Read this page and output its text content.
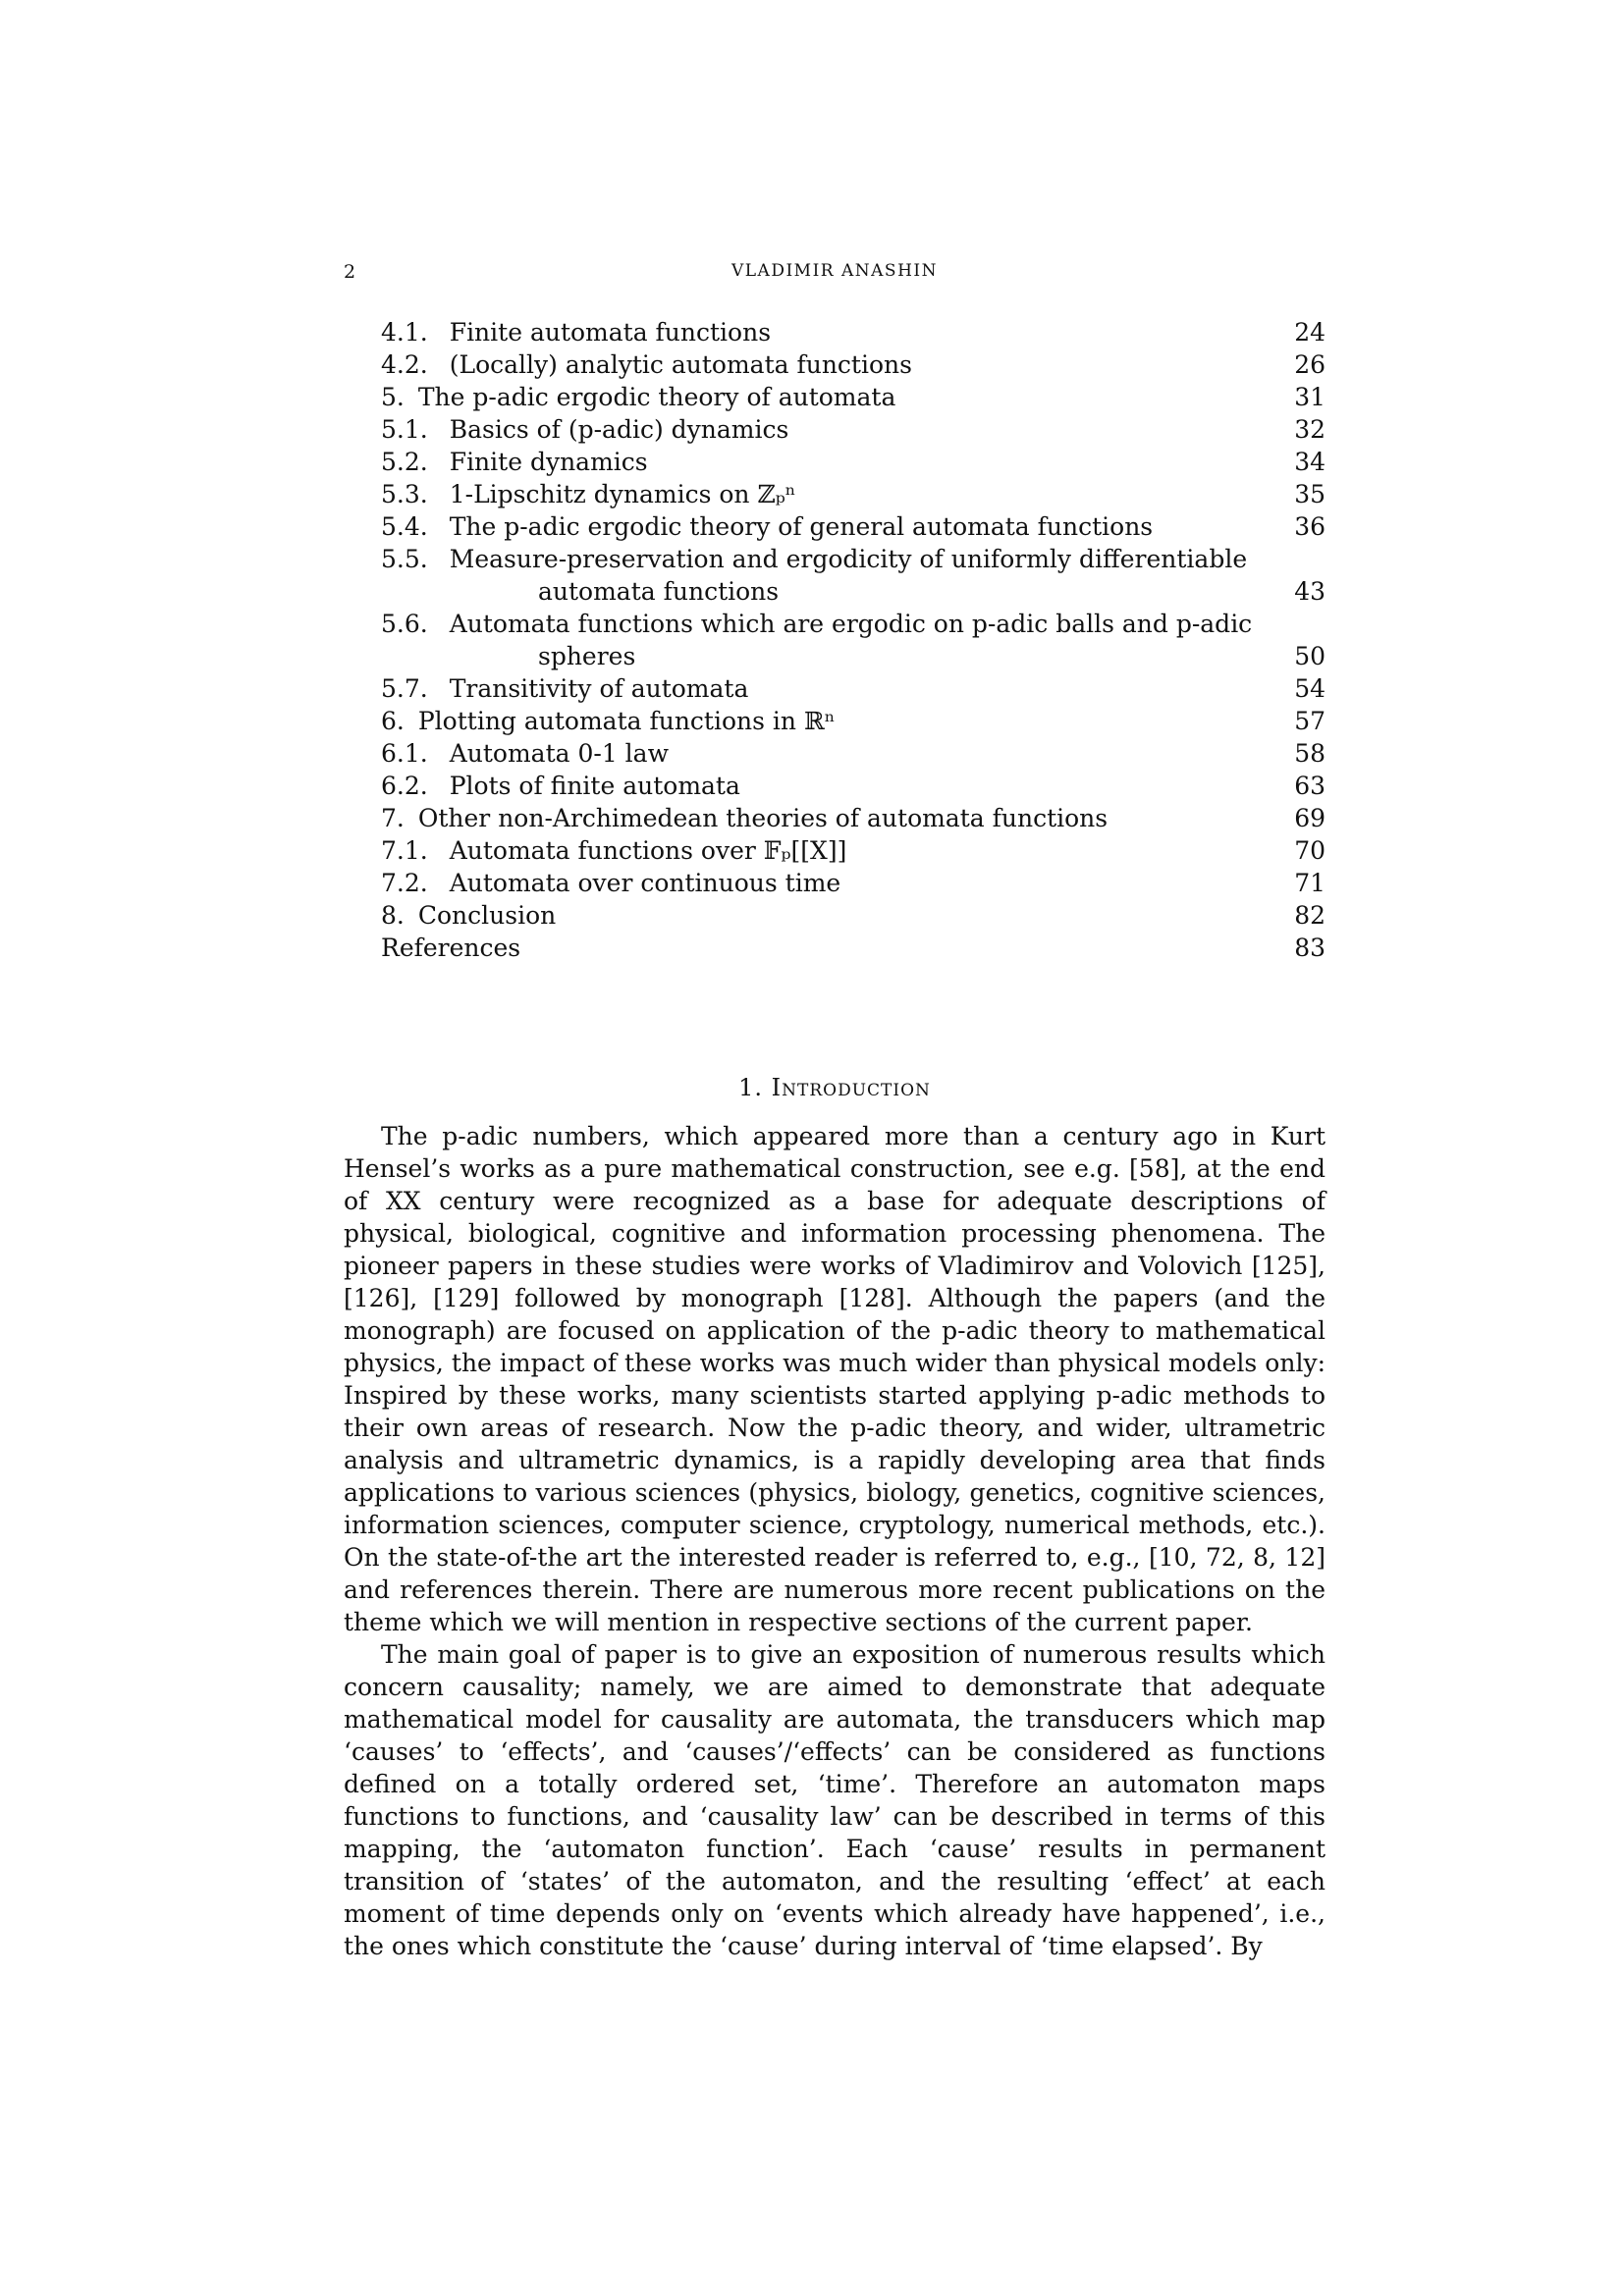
2	VLADIMIR ANASHIN
4.1. Finite automata functions	24
4.2. (Locally) analytic automata functions	26
5. The p-adic ergodic theory of automata	31
5.1. Basics of (p-adic) dynamics	32
5.2. Finite dynamics	34
5.3. 1-Lipschitz dynamics on ℤₚⁿ	35
5.4. The p-adic ergodic theory of general automata functions	36
5.5. Measure-preservation and ergodicity of uniformly differentiable
automata functions	43
5.6. Automata functions which are ergodic on p-adic balls and p-adic
spheres	50
5.7. Transitivity of automata	54
6. Plotting automata functions in ℝⁿ	57
6.1. Automata 0-1 law	58
6.2. Plots of finite automata	63
7. Other non-Archimedean theories of automata functions	69
7.1. Automata functions over 𝔽ₚ[[X]]	70
7.2. Automata over continuous time	71
8. Conclusion	82
References	83
1. Introduction

The p-adic numbers, which appeared more than a century ago in Kurt Hensel’s works as a pure mathematical construction, see e.g. [58], at the end of XX century were recognized as a base for adequate descriptions of physical, biological, cognitive and information processing phenomena. The pioneer papers in these studies were works of Vladimirov and Volovich [125], [126], [129] followed by monograph [128]. Although the papers (and the monograph) are focused on application of the p-adic theory to mathematical physics, the impact of these works was much wider than physical models only: Inspired by these works, many scientists started applying p-adic methods to their own areas of research. Now the p-adic theory, and wider, ultrametric analysis and ultrametric dynamics, is a rapidly developing area that finds applications to various sciences (physics, biology, genetics, cognitive sciences, information sciences, computer science, cryptology, numerical methods, etc.). On the state-of-the art the interested reader is referred to, e.g., [10, 72, 8, 12] and references therein. There are numerous more recent publications on the theme which we will mention in respective sections of the current paper.

The main goal of paper is to give an exposition of numerous results which concern causality; namely, we are aimed to demonstrate that adequate mathematical model for causality are automata, the transducers which map ‘causes’ to ‘effects’, and ‘causes’/‘effects’ can be considered as functions defined on a totally ordered set, ‘time’. Therefore an automaton maps functions to functions, and ‘causality law’ can be described in terms of this mapping, the ‘automaton function’. Each ‘cause’ results in permanent transition of ‘states’ of the automaton, and the resulting ‘effect’ at each moment of time depends only on ‘events which already have happened’, i.e., the ones which constitute the ‘cause’ during interval of ‘time elapsed’. By
